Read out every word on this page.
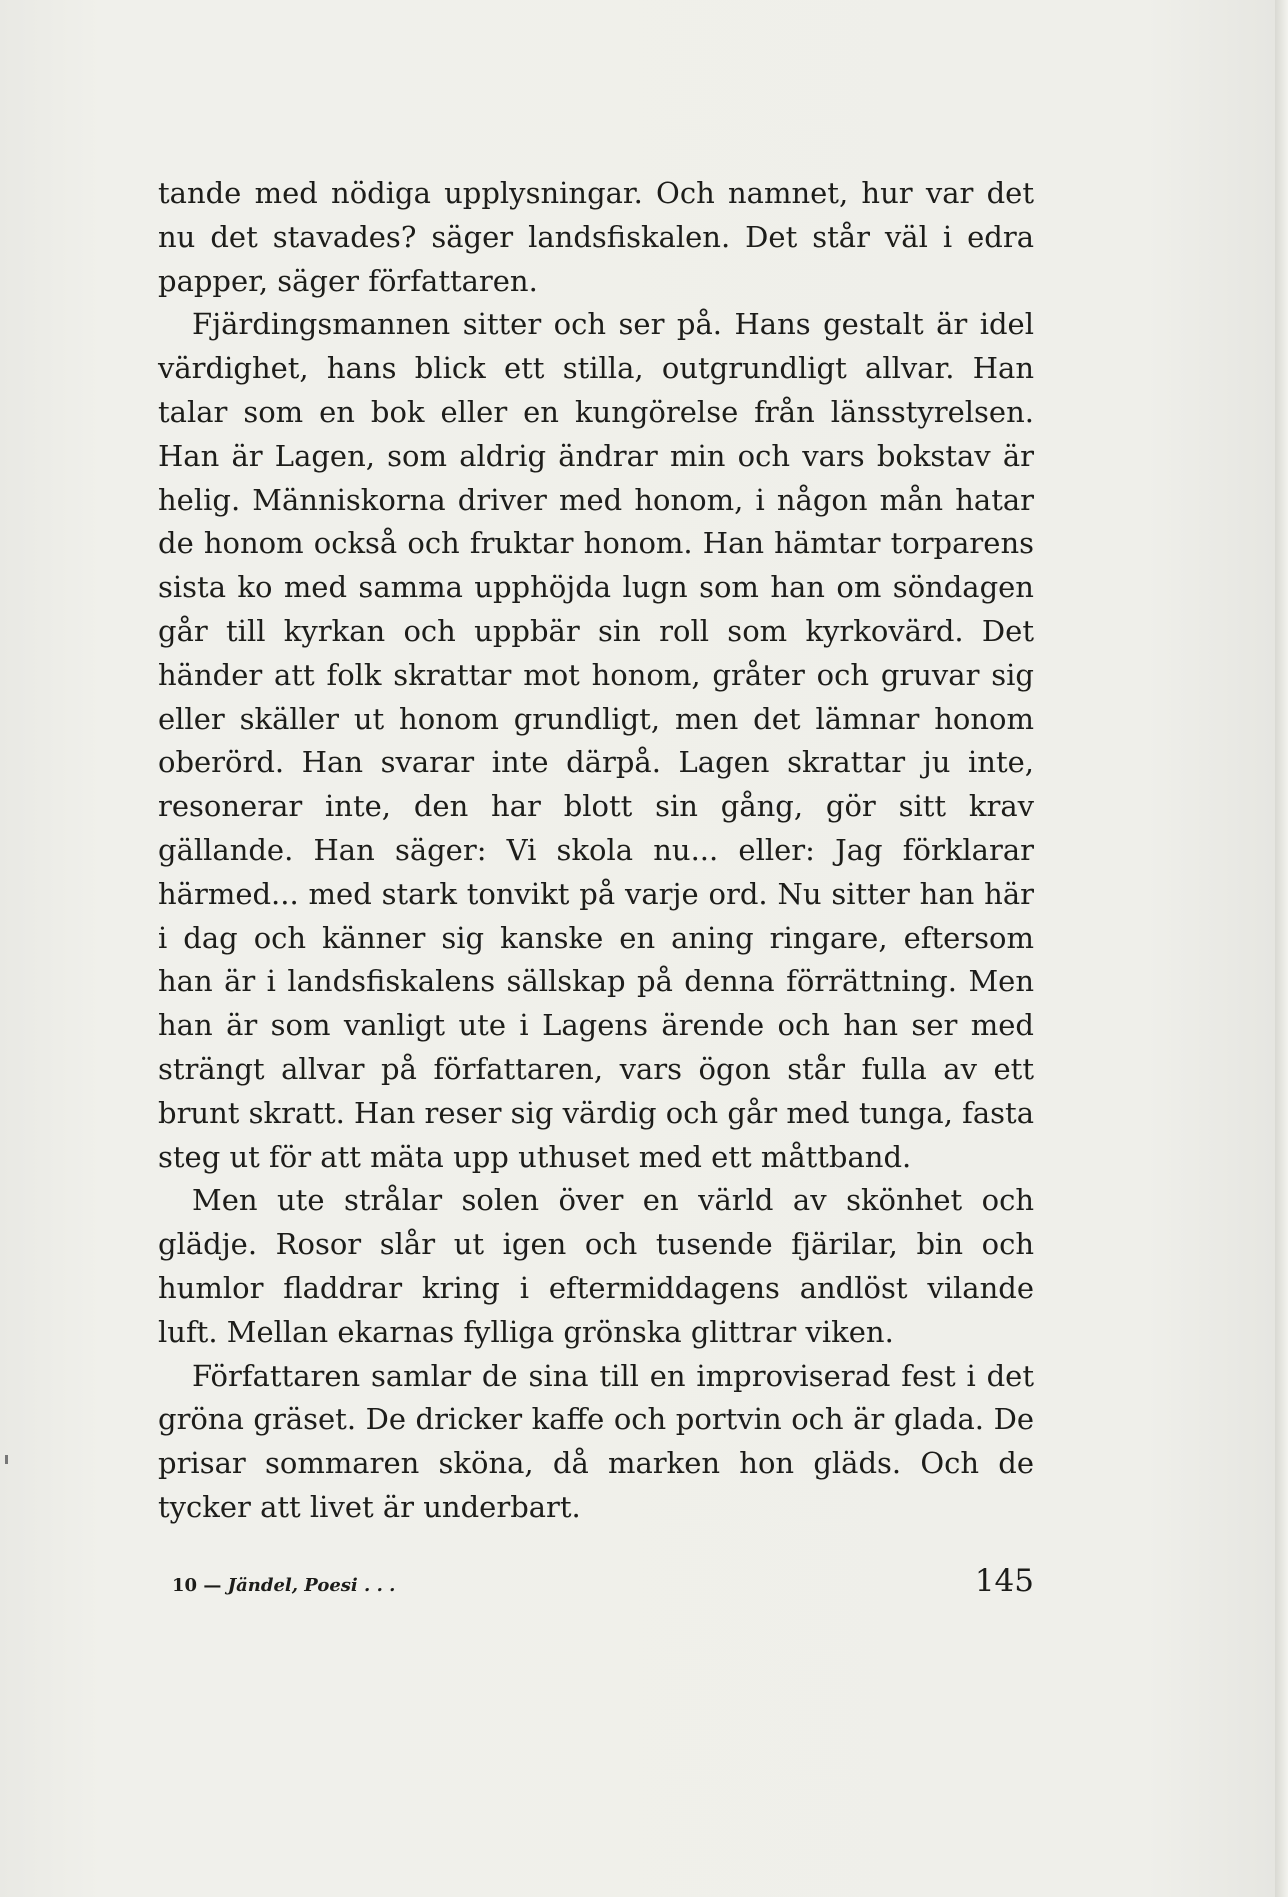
tande med nödiga upplysningar. Och namnet, hur var det nu det stavades? säger landsfiskalen. Det står väl i edra papper, säger författaren.

Fjärdingsmannen sitter och ser på. Hans gestalt är idel värdighet, hans blick ett stilla, outgrundligt allvar. Han talar som en bok eller en kungörelse från länsstyrelsen. Han är Lagen, som aldrig ändrar min och vars bokstav är helig. Människorna driver med honom, i någon mån hatar de honom också och fruktar honom. Han hämtar torparens sista ko med samma upphöjda lugn som han om söndagen går till kyrkan och uppbär sin roll som kyrkovärd. Det händer att folk skrattar mot honom, gråter och gruvar sig eller skäller ut honom grundligt, men det lämnar honom oberörd. Han svarar inte därpå. Lagen skrattar ju inte, resonerar inte, den har blott sin gång, gör sitt krav gällande. Han säger: Vi skola nu... eller: Jag förklarar härmed... med stark tonvikt på varje ord. Nu sitter han här i dag och känner sig kanske en aning ringare, eftersom han är i landsfiskalens sällskap på denna förrättning. Men han är som vanligt ute i Lagens ärende och han ser med strängt allvar på författaren, vars ögon står fulla av ett brunt skratt. Han reser sig värdig och går med tunga, fasta steg ut för att mäta upp uthuset med ett måttband.

Men ute strålar solen över en värld av skönhet och glädje. Rosor slår ut igen och tusende fjärilar, bin och humlor fladdrar kring i eftermiddagens andlöst vilande luft. Mellan ekarnas fylliga grönska glittrar viken.

Författaren samlar de sina till en improviserad fest i det gröna gräset. De dricker kaffe och portvin och är glada. De prisar sommaren sköna, då marken hon gläds. Och de tycker att livet är underbart.

10 — Jändel, Poesi . . .	145
